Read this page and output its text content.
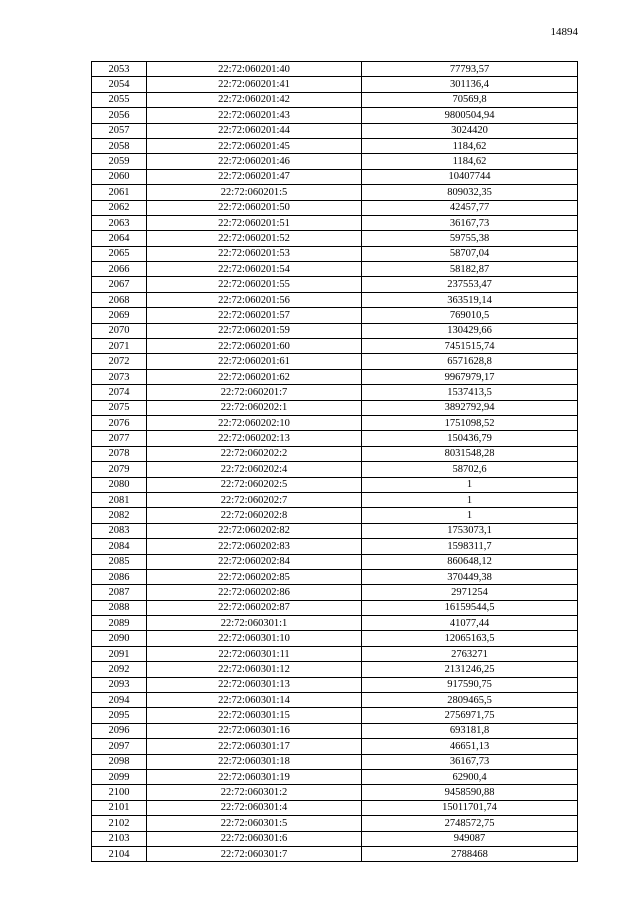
14894
2053	22:72:060201:40	77793,57
2054	22:72:060201:41	301136,4
2055	22:72:060201:42	70569,8
2056	22:72:060201:43	9800504,94
2057	22:72:060201:44	3024420
2058	22:72:060201:45	1184,62
2059	22:72:060201:46	1184,62
2060	22:72:060201:47	10407744
2061	22:72:060201:5	809032,35
2062	22:72:060201:50	42457,77
2063	22:72:060201:51	36167,73
2064	22:72:060201:52	59755,38
2065	22:72:060201:53	58707,04
2066	22:72:060201:54	58182,87
2067	22:72:060201:55	237553,47
2068	22:72:060201:56	363519,14
2069	22:72:060201:57	769010,5
2070	22:72:060201:59	130429,66
2071	22:72:060201:60	7451515,74
2072	22:72:060201:61	6571628,8
2073	22:72:060201:62	9967979,17
2074	22:72:060201:7	1537413,5
2075	22:72:060202:1	3892792,94
2076	22:72:060202:10	1751098,52
2077	22:72:060202:13	150436,79
2078	22:72:060202:2	8031548,28
2079	22:72:060202:4	58702,6
2080	22:72:060202:5	1
2081	22:72:060202:7	1
2082	22:72:060202:8	1
2083	22:72:060202:82	1753073,1
2084	22:72:060202:83	1598311,7
2085	22:72:060202:84	860648,12
2086	22:72:060202:85	370449,38
2087	22:72:060202:86	2971254
2088	22:72:060202:87	16159544,5
2089	22:72:060301:1	41077,44
2090	22:72:060301:10	12065163,5
2091	22:72:060301:11	2763271
2092	22:72:060301:12	2131246,25
2093	22:72:060301:13	917590,75
2094	22:72:060301:14	2809465,5
2095	22:72:060301:15	2756971,75
2096	22:72:060301:16	693181,8
2097	22:72:060301:17	46651,13
2098	22:72:060301:18	36167,73
2099	22:72:060301:19	62900,4
2100	22:72:060301:2	9458590,88
2101	22:72:060301:4	15011701,74
2102	22:72:060301:5	2748572,75
2103	22:72:060301:6	949087
2104	22:72:060301:7	2788468
